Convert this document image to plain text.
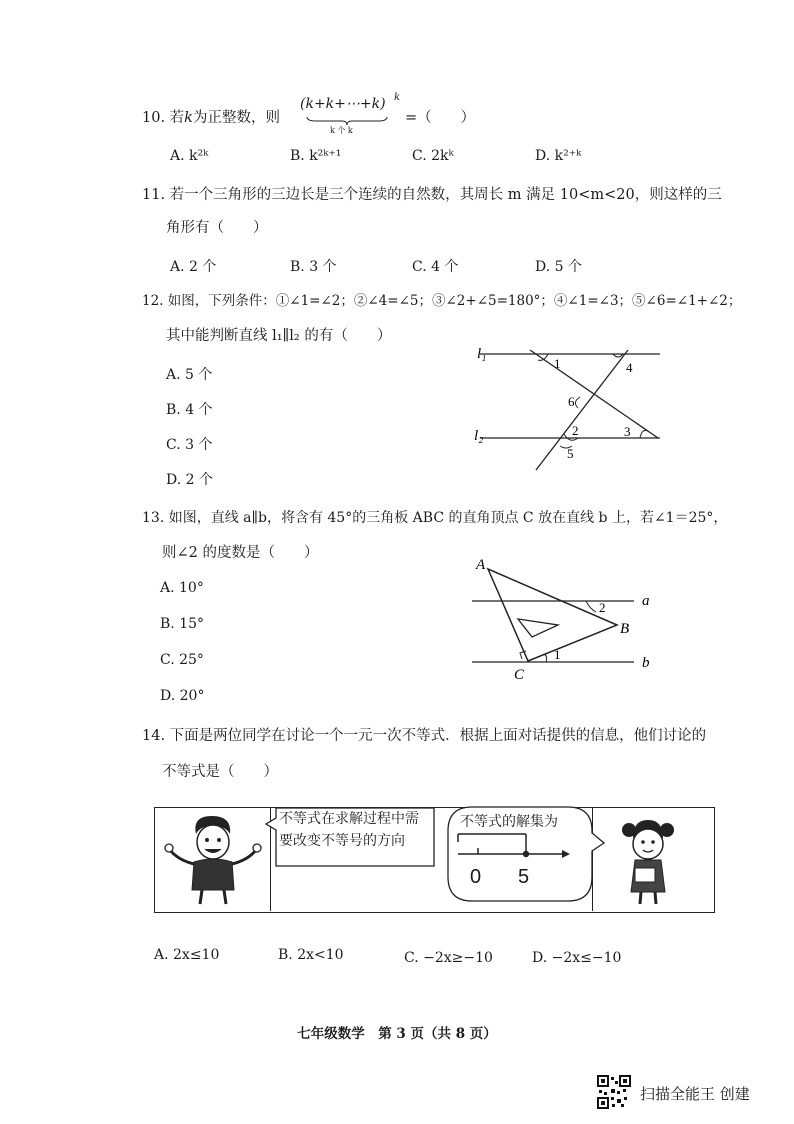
10. 若k为正整数，则
(k+k+⋯+k) k
k 个 k
=（　　）
A. k²ᵏ	B. k²ᵏ⁺¹	C. 2kᵏ	D. k²⁺ᵏ
11. 若一个三角形的三边长是三个连续的自然数，其周长 m 满足 10<m<20，则这样的三
角形有（　　）
A. 2 个	B. 3 个	C. 4 个	D. 5 个
12. 如图，下列条件：①∠1=∠2；②∠4=∠5；③∠2+∠5=180°；④∠1=∠3；⑤∠6=∠1+∠2；
其中能判断直线 l₁∥l₂ 的有（　　）
A. 5 个
B. 4 个
C. 3 个
D. 2 个
l₁
l₂
1	4
6
2	3
5
13. 如图，直线 a∥b，将含有 45°的三角板 ABC 的直角顶点 C 放在直线 b 上，若∠1＝25°，
则∠2 的度数是（　　）
A. 10°
B. 15°
C. 25°
D. 20°
A
B
C
a
b
2
1
14. 下面是两位同学在讨论一个一元一次不等式．根据上面对话提供的信息，他们讨论的
不等式是（　　）
不等式在求解过程中需
要改变不等号的方向
不等式的解集为
0 5
A. 2x≤10	B. 2x<10	C. −2x≥−10	D. −2x≤−10
七年级数学　第 3 页（共 8 页）
扫描全能王 创建
